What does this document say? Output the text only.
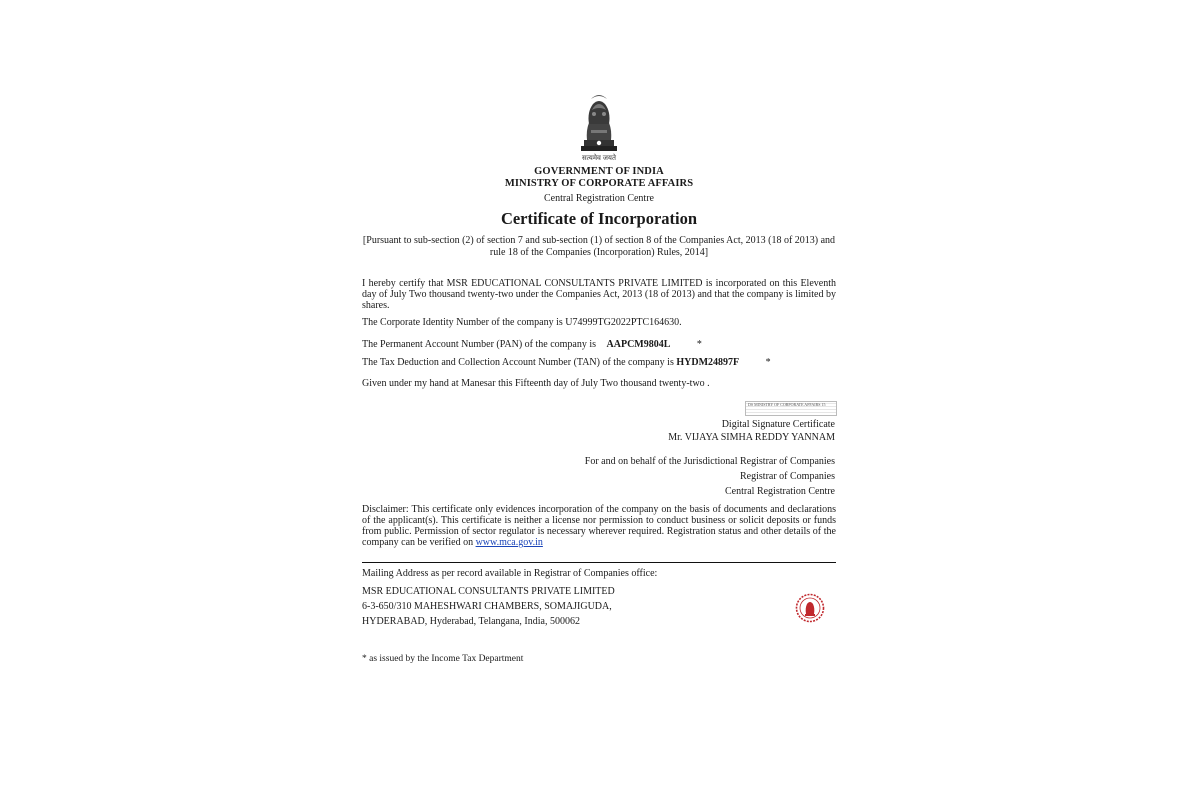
सत्यमेव जयते
GOVERNMENT OF INDIA
MINISTRY OF CORPORATE AFFAIRS
Central Registration Centre
Certificate of Incorporation
[Pursuant to sub-section (2) of section 7 and sub-section (1) of section 8 of the Companies Act, 2013 (18 of 2013) and rule 18 of the Companies (Incorporation) Rules, 2014]
I hereby certify that MSR EDUCATIONAL CONSULTANTS PRIVATE LIMITED is incorporated on this Eleventh day of July Two thousand twenty-two under the Companies Act, 2013 (18 of 2013) and that the company is limited by shares.
The Corporate Identity Number of the company is U74999TG2022PTC164630.
The Permanent Account Number (PAN) of the company is AAPCM9804L	*
The Tax Deduction and Collection Account Number (TAN) of the company is HYDM24897F	*
Given under my hand at Manesar this Fifteenth day of July Two thousand twenty-two .
DS MINISTRY OF CORPORATE AFFAIRS 15
Digital Signature Certificate
Mr. VIJAYA SIMHA REDDY YANNAM
For and on behalf of the Jurisdictional Registrar of Companies
Registrar of Companies
Central Registration Centre
Disclaimer: This certificate only evidences incorporation of the company on the basis of documents and declarations of the applicant(s). This certificate is neither a license nor permission to conduct business or solicit deposits or funds from public. Permission of sector regulator is necessary wherever required. Registration status and other details of the company can be verified on www.mca.gov.in
Mailing Address as per record available in Registrar of Companies office:
MSR EDUCATIONAL CONSULTANTS PRIVATE LIMITED
6-3-650/310 MAHESHWARI CHAMBERS, SOMAJIGUDA,
HYDERABAD, Hyderabad, Telangana, India, 500062
* as issued by the Income Tax Department
